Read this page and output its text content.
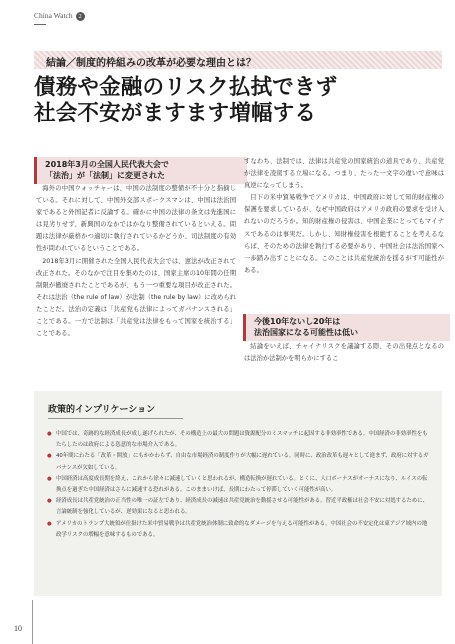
China Watch 2
結論／制度的枠組みの改革が必要な理由とは？
債務や金融のリスク払拭できず
社会不安がますます増幅する
2018年3月の全国人民代表大会で
「法治」が「法制」に変更された

海外の中国ウォッチャーは、中国の法制度の整備が不十分と指摘している。それに対して、中国外交部スポークスマンは、中国は法治国家であると外国記者に反論する。確かに中国の法律の条文は先進国には見劣りせず、新興国のなかではかなり整備されているといえる。問題は法律が厳格かつ適切に執行されているかどうか、司法制度の有効性が問われているということである。

2018年3月に開催された全国人民代表大会では、憲法が改正されて改正された。そのなかで注目を集めたのは、国家主席の10年間の任期制限が撤廃されたことであるが、もう一つ重要な項目が改正された。それは法治（the rule of law）が法制（the rule by law）に改められたことだ。法治の定義は「共産党も法律によってガバナンスされる」ことである。一方で法制は「共産党は法律をもって国家を統治する」ことである。

すなわち、法制では、法律は共産党の国家統治の道具であり、共産党が法律を凌駕する立場になる。つまり、たった一文字の違いで意味は真逆になってしまう。

目下の米中貿易戦争でアメリカは、中国政府に対して知的財産権の保護を要求しているが、なぜ中国政府はアメリカ政府の要求を受け入れないのだろうか。知的財産権の侵害は、中国企業にとってもマイナスであるのは事実だ。しかし、知財権侵害を根絶することを考えるならば、そのための法律を執行する必要があり、中国社会は法治国家へ一歩踏み出すことになる。このことは共産党統治を揺るがす可能性がある。

今後10年ないし20年は
法治国家になる可能性は低い

結論をいえば、チャイナリスクを議論する際、その出発点となるのは法治か法制かを明らかにするこ

政策的インプリケーション
● 中国では、奇跡的な経済成長が成し遂げられたが、その構造上の最大の問題は資源配分のミスマッチに起因する非効率性である。中国経済の非効率性をもたらしたのは政府による恣意的な市場介入である。
● 40年間にわたる「改革・開放」にもかかわらず、自由な市場経済の制度作りが大幅に遅れている。同時に、政治改革も遅々として進まず、政府に対するガバナンスが欠如している。
● 中国経済は高度成長期を終え、これから徐々に減速していくと思われるが、構造転換が遅れている。とくに、人口ボーナスがオーナスになり、ルイスの転換点を過ぎた中国経済はさらに減速する恐れがある。このままいけば、長期にわたって停滞していく可能性が高い。
● 経済成長は共産党統治の正当性の唯一の証左であり、経済成長の減速は共産党統治を動揺させる可能性がある。習近平政権は社会不安に対処するために、言論統制を強化しているが、逆効果になると思われる。
● アメリカのトランプ大統領が仕掛けた米中貿易戦争は共産党統治体制に致命的なダメージを与える可能性がある。中国社会の不安定化は東アジア域内の地政学リスクの増幅を意味するものである。
10
